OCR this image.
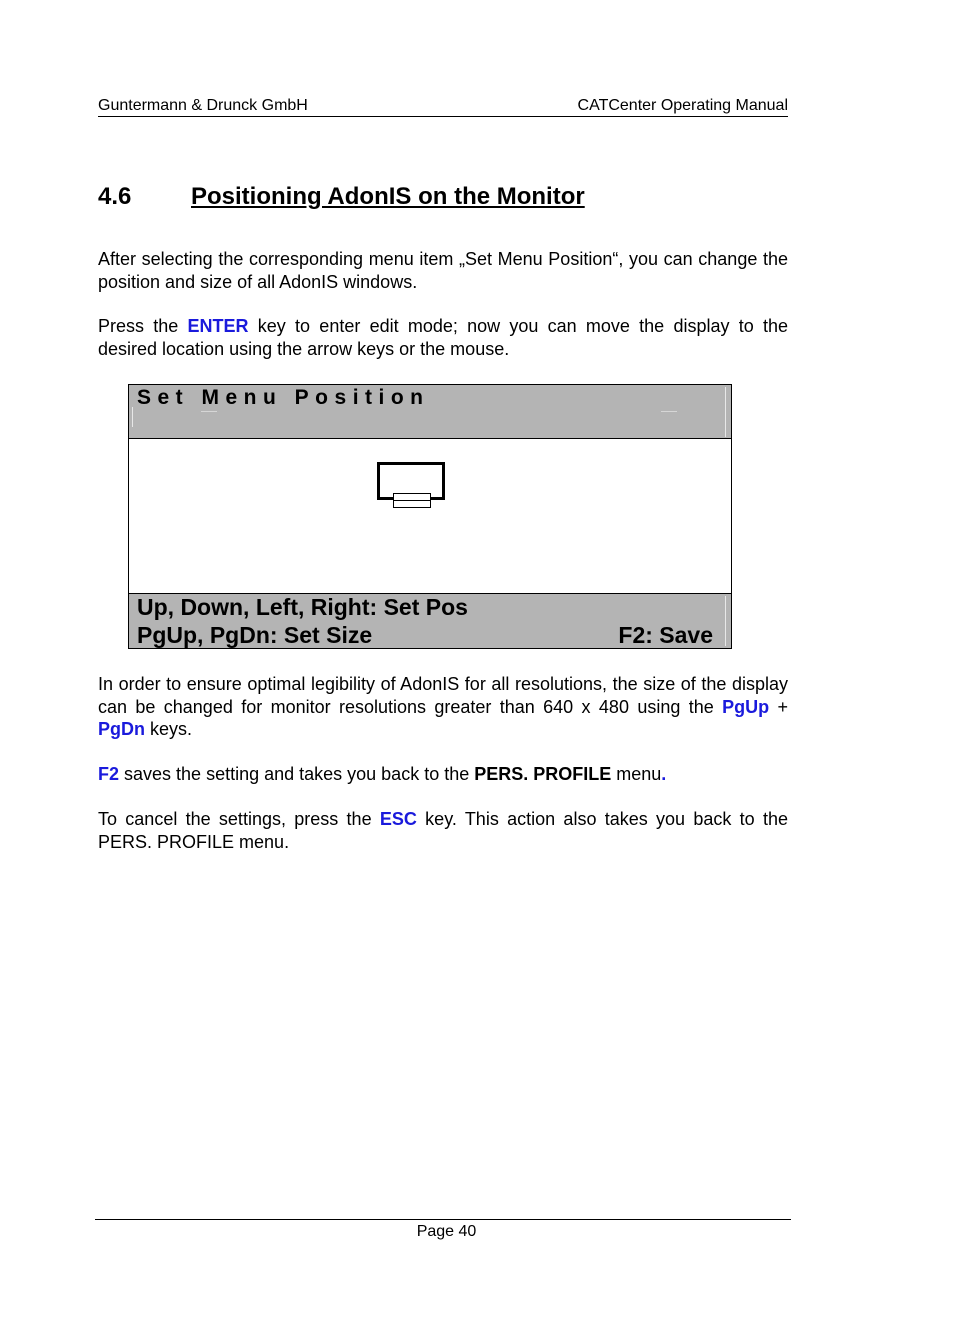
Guntermann & Drunck GmbH	CATCenter Operating Manual
4.6 Positioning AdonIS on the Monitor
After selecting the corresponding menu item „Set Menu Position“, you can change the position and size of all AdonIS windows.
Press the ENTER key to enter edit mode; now you can move the display to the desired location using the arrow keys or the mouse.
Set Menu Position
Up, Down, Left, Right: Set Pos
PgUp, PgDn: Set Size	F2: Save
In order to ensure optimal legibility of AdonIS for all resolutions, the size of the display can be changed for monitor resolutions greater than 640 x 480 using the PgUp + PgDn keys.
F2 saves the setting and takes you back to the PERS. PROFILE menu.
To cancel the settings, press the ESC key. This action also takes you back to the PERS. PROFILE menu.
Page 40
